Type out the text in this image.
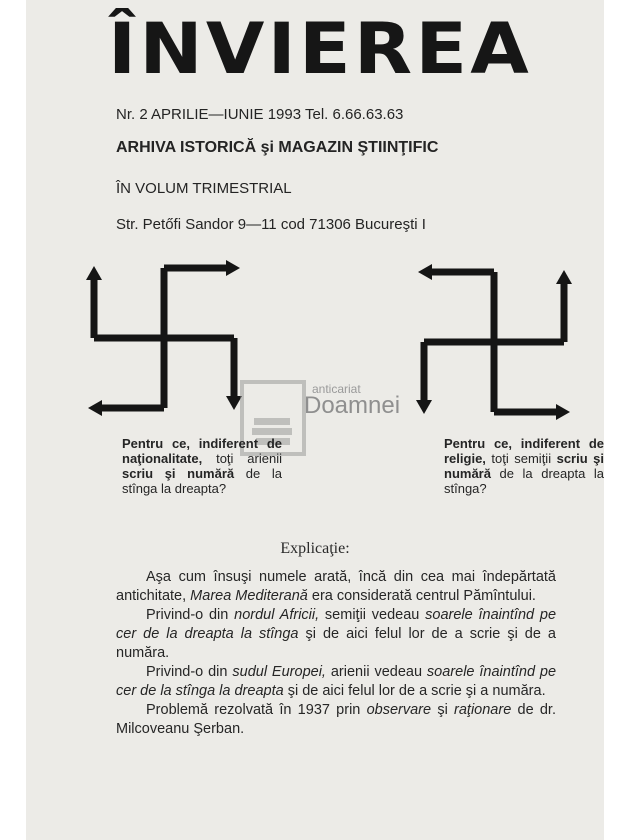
ÎNVIEREA
Nr. 2 APRILIE—IUNIE 1993 Tel. 6.66.63.63
ARHIVA ISTORICĂ şi MAGAZIN ŞTIINŢIFIC
ÎN VOLUM TRIMESTRIAL
Str. Petőfi Sandor 9—11 cod 71306 Bucureşti I
anticariat
Doamnei
Pentru ce, indiferent de naţionalitate, toţi arienii scriu şi numără de la stînga la dreapta?
Pentru ce, indiferent de religie, toţi semiţii scriu şi numără de la dreapta la stînga?
Explicaţie:

Aşa cum însuşi numele arată, încă din cea mai îndepărtată antichitate, Marea Mediterană era considerată centrul Pămîntului.

Privind-o din nordul Africii, semiţii vedeau soarele înaintînd pe cer de la dreapta la stînga şi de aici felul lor de a scrie şi de a număra.

Privind-o din sudul Europei, arienii vedeau soarele înaintînd pe cer de la stînga la dreapta şi de aici felul lor de a scrie şi a număra.

Problemă rezolvată în 1937 prin observare şi raţionare de dr. Milcoveanu Şerban.
